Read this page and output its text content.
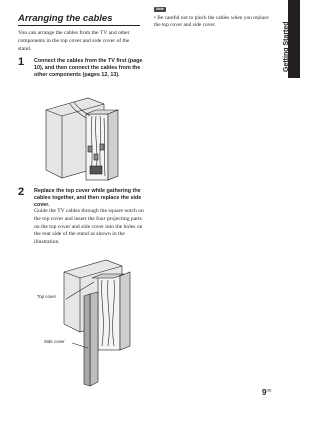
Getting Started
Arranging the cables
You can arrange the cables from the TV and other components in the top cover and side cover of the stand.
1 Connect the cables from the TV first (page 10), and then connect the cables from the other components (pages 12, 13).
2 Replace the top cover while gathering the cables together, and then replace the side cover.
Guide the TV cables through the square notch on the top cover and insert the four projecting parts on the top cover and side cover into the holes on the rear side of the stand as shown in the illustration.
Top cover
Side cover
Note
• Be careful not to pinch the cables when you replace the top cover and side cover.
$9^{GB}$
